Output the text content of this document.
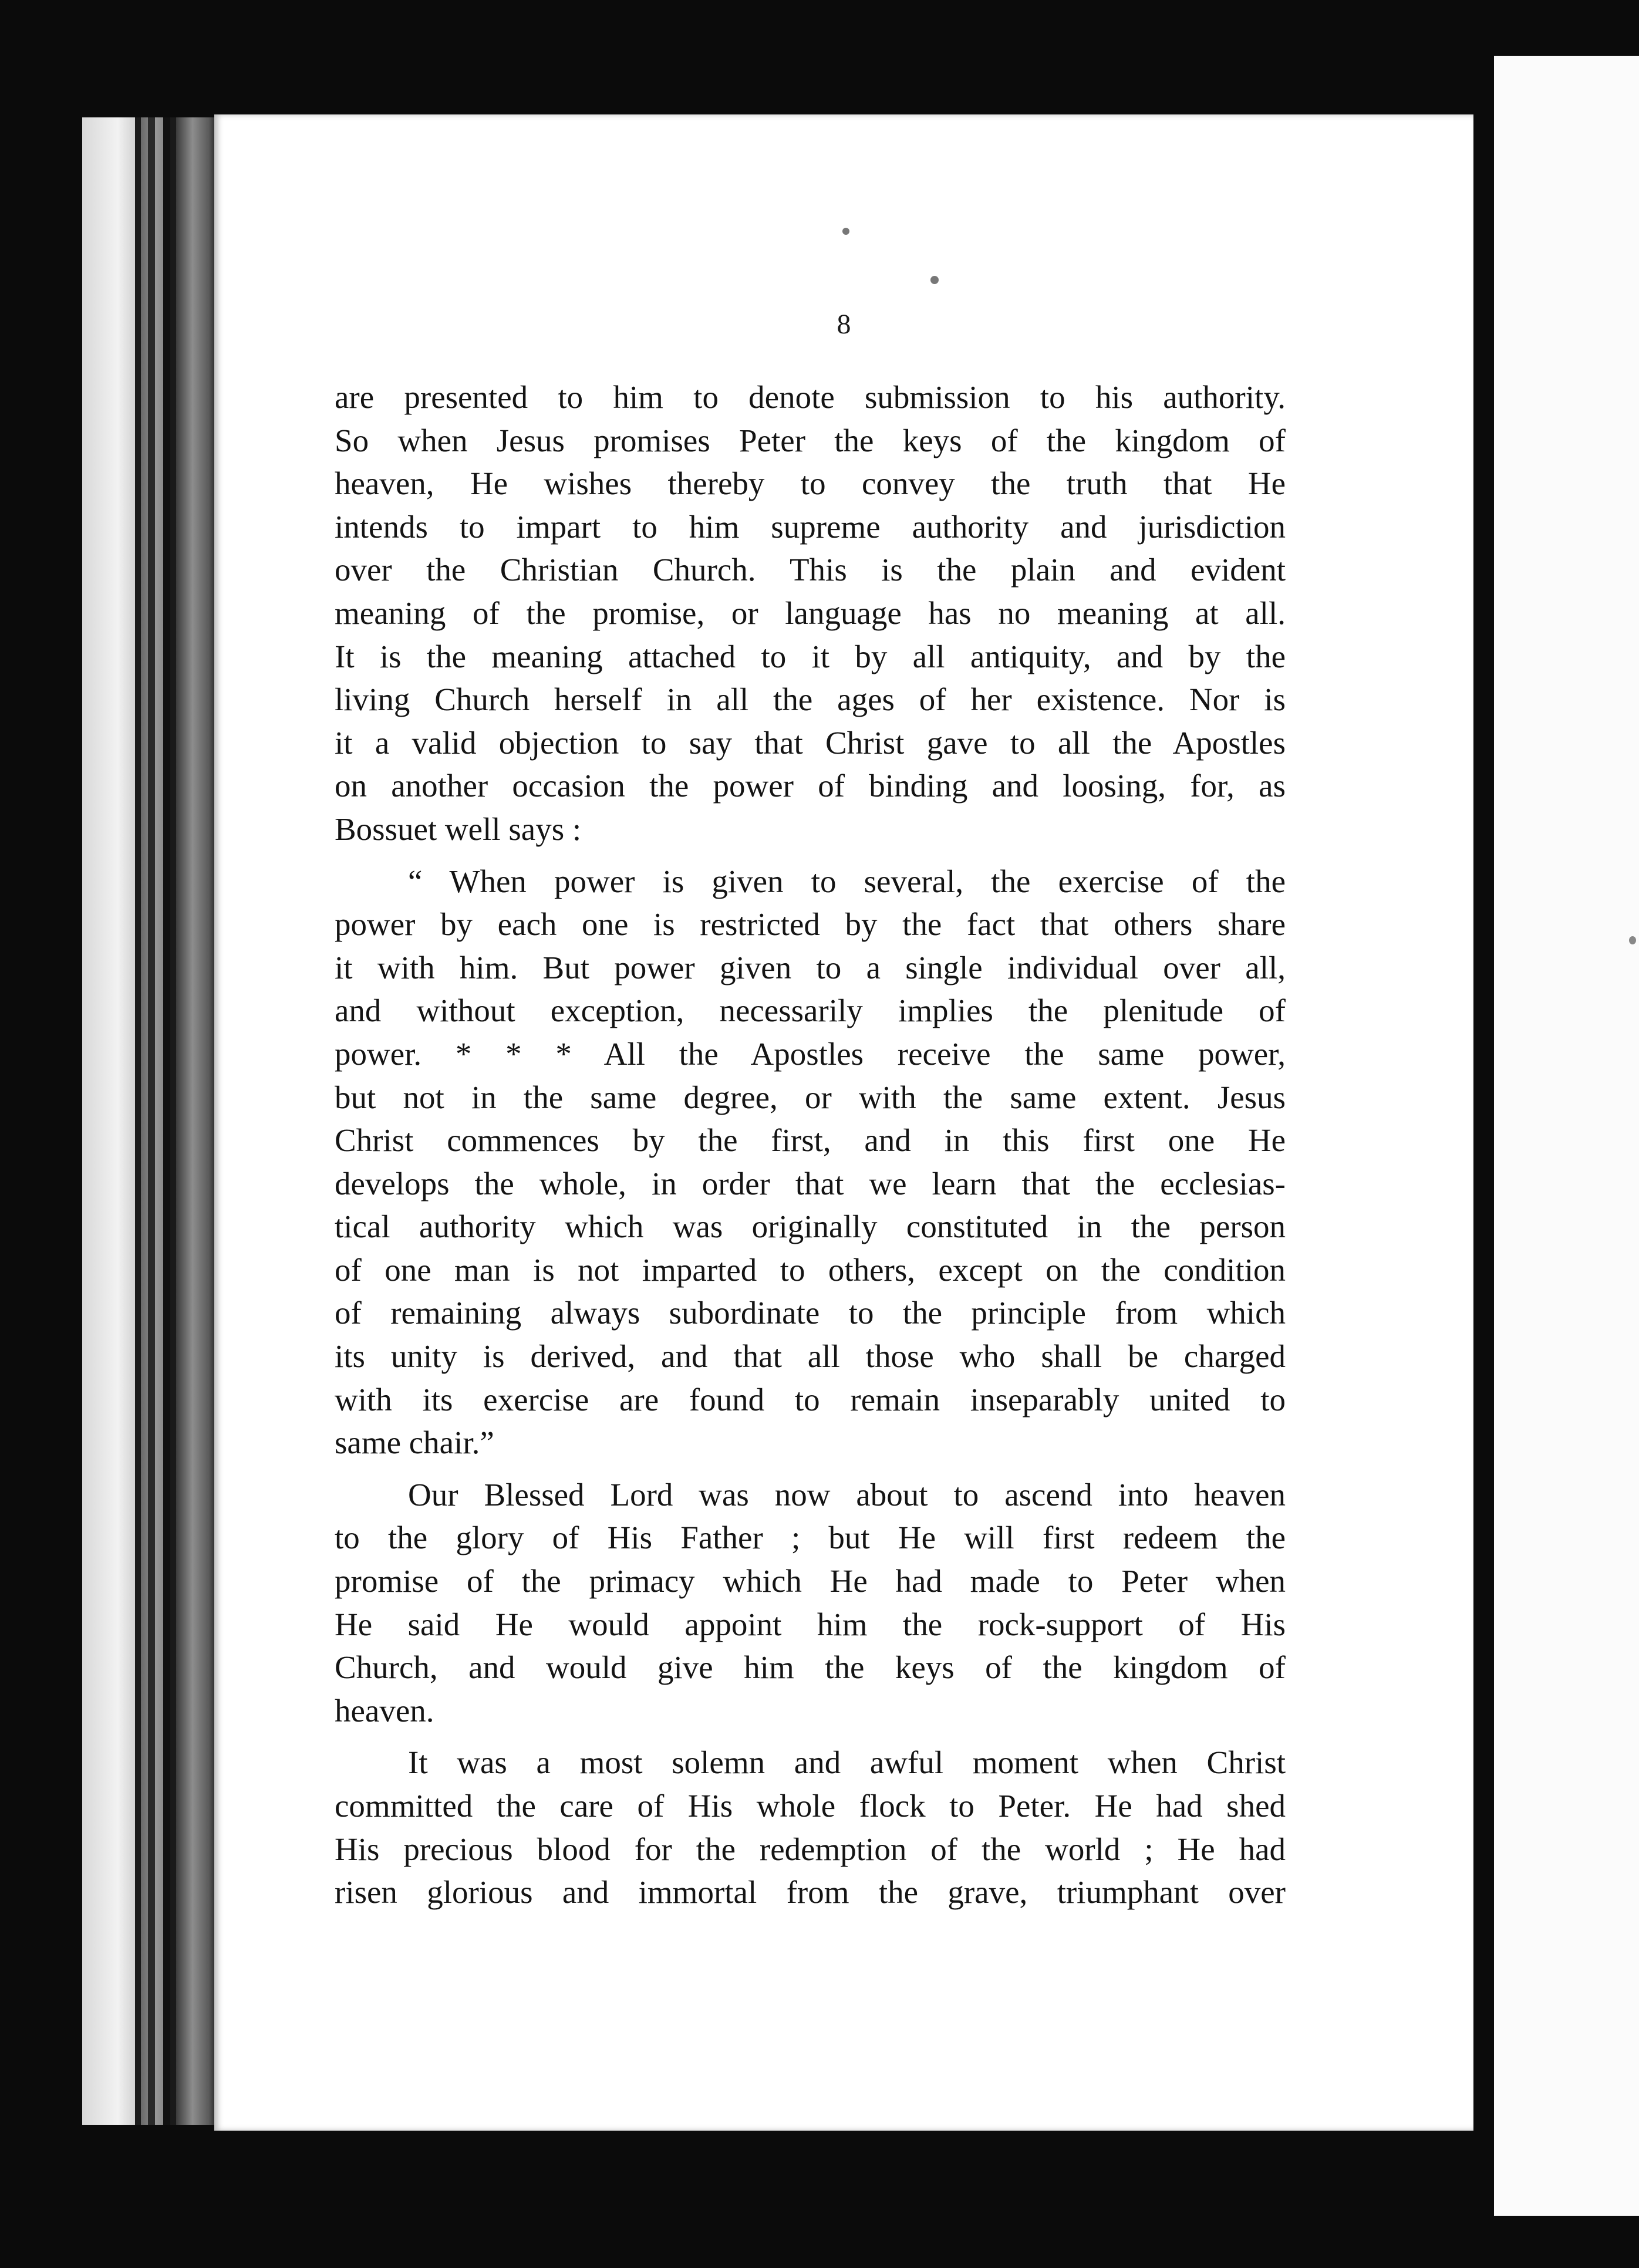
8

are presented to him to denote submission to his authority.
So when Jesus promises Peter the keys of the kingdom of
heaven, He wishes thereby to convey the truth that He
intends to impart to him supreme authority and jurisdiction
over the Christian Church. This is the plain and evident
meaning of the promise, or language has no meaning at all.
It is the meaning attached to it by all antiquity, and by the
living Church herself in all the ages of her existence. Nor is
it a valid objection to say that Christ gave to all the Apostles
on another occasion the power of binding and loosing, for, as
Bossuet well says :

“ When power is given to several, the exercise of the
power by each one is restricted by the fact that others share
it with him. But power given to a single individual over all,
and without exception, necessarily implies the plenitude of
power. * * * All the Apostles receive the same power,
but not in the same degree, or with the same extent. Jesus
Christ commences by the first, and in this first one He
develops the whole, in order that we learn that the ecclesias-
tical authority which was originally constituted in the person
of one man is not imparted to others, except on the condition
of remaining always subordinate to the principle from which
its unity is derived, and that all those who shall be charged
with its exercise are found to remain inseparably united to
same chair.”

Our Blessed Lord was now about to ascend into heaven
to the glory of His Father ; but He will first redeem the
promise of the primacy which He had made to Peter when
He said He would appoint him the rock-support of His
Church, and would give him the keys of the kingdom of
heaven.

It was a most solemn and awful moment when Christ
committed the care of His whole flock to Peter. He had shed
His precious blood for the redemption of the world ; He had
risen glorious and immortal from the grave, triumphant over
